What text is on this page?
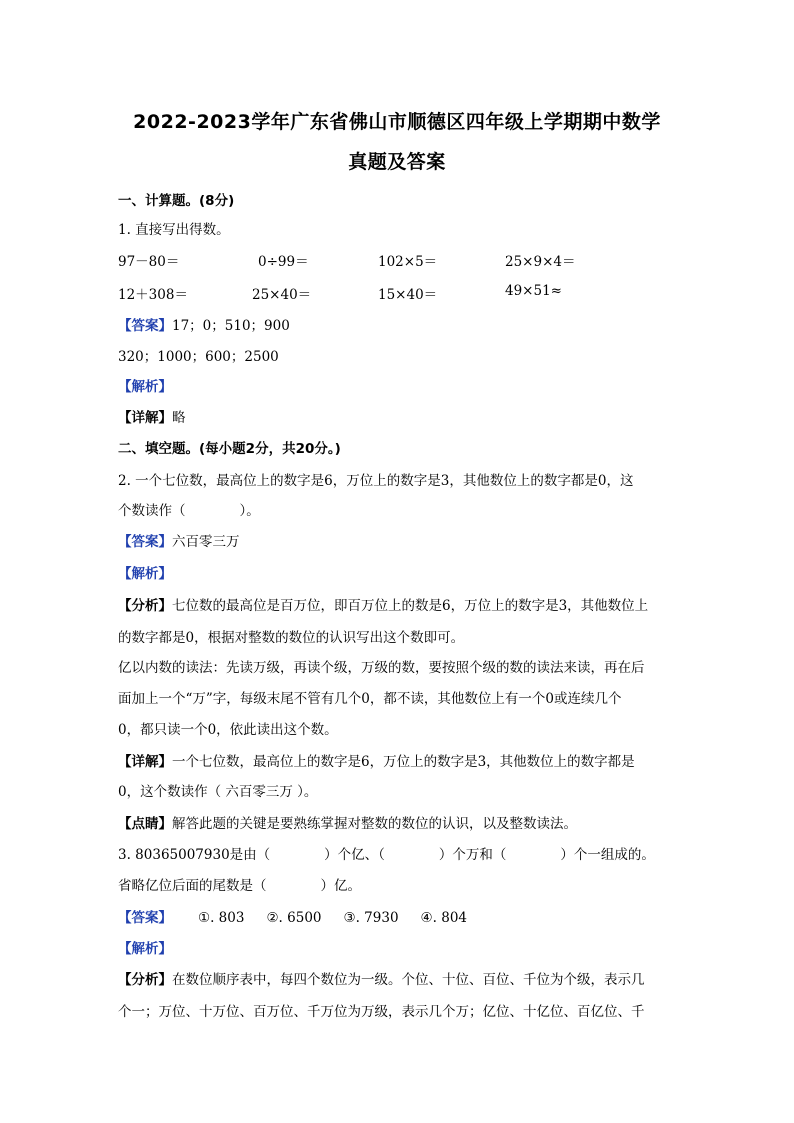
2022-2023学年广东省佛山市顺德区四年级上学期期中数学
真题及答案
一、计算题。(8分)
1. 直接写出得数。
97－80＝	0÷99＝	102×5＝	25×9×4＝
12＋308＝	25×40＝	15×40＝	49×51≈
【答案】17；0；510；900
320；1000；600；2500
【解析】
【详解】略
二、填空题。(每小题2分，共20分。)
2. 一个七位数，最高位上的数字是6，万位上的数字是3，其他数位上的数字都是0，这
个数读作（　　　　）。
【答案】六百零三万
【解析】
【分析】七位数的最高位是百万位，即百万位上的数是6，万位上的数字是3，其他数位上
的数字都是0，根据对整数的数位的认识写出这个数即可。
亿以内数的读法：先读万级，再读个级，万级的数，要按照个级的数的读法来读，再在后
面加上一个“万”字，每级末尾不管有几个0，都不读，其他数位上有一个0或连续几个
0，都只读一个0，依此读出这个数。
【详解】一个七位数，最高位上的数字是6，万位上的数字是3，其他数位上的数字都是
0，这个数读作（ 六百零三万 ）。
【点睛】解答此题的关键是要熟练掌握对整数的数位的认识，以及整数读法。
3. 80365007930是由（　　　　）个亿、（　　　　）个万和（　　　　）个一组成的。
省略亿位后面的尾数是（　　　　）亿。
【答案】 ①. 803 ②. 6500 ③. 7930 ④. 804
【解析】
【分析】在数位顺序表中，每四个数位为一级。个位、十位、百位、千位为个级，表示几
个一；万位、十万位、百万位、千万位为万级，表示几个万；亿位、十亿位、百亿位、千
